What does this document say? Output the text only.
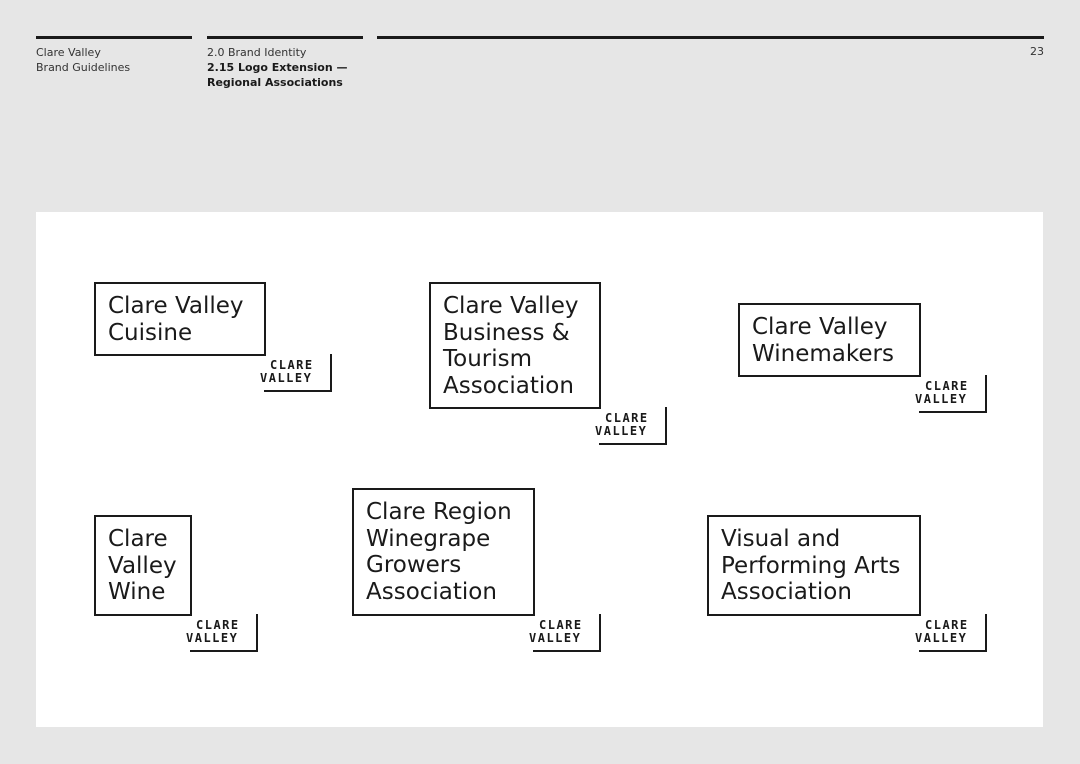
Clare Valley
Brand Guidelines
2.0 Brand Identity
2.15 Logo Extension —
Regional Associations
23
Clare Valley
Cuisine
CLARE
VALLEY
Clare Valley
Business &
Tourism
Association
CLARE
VALLEY
Clare Valley
Winemakers
CLARE
VALLEY
Clare
Valley
Wine
CLARE
VALLEY
Clare Region
Winegrape
Growers
Association
CLARE
VALLEY
Visual and
Performing Arts
Association
CLARE
VALLEY
